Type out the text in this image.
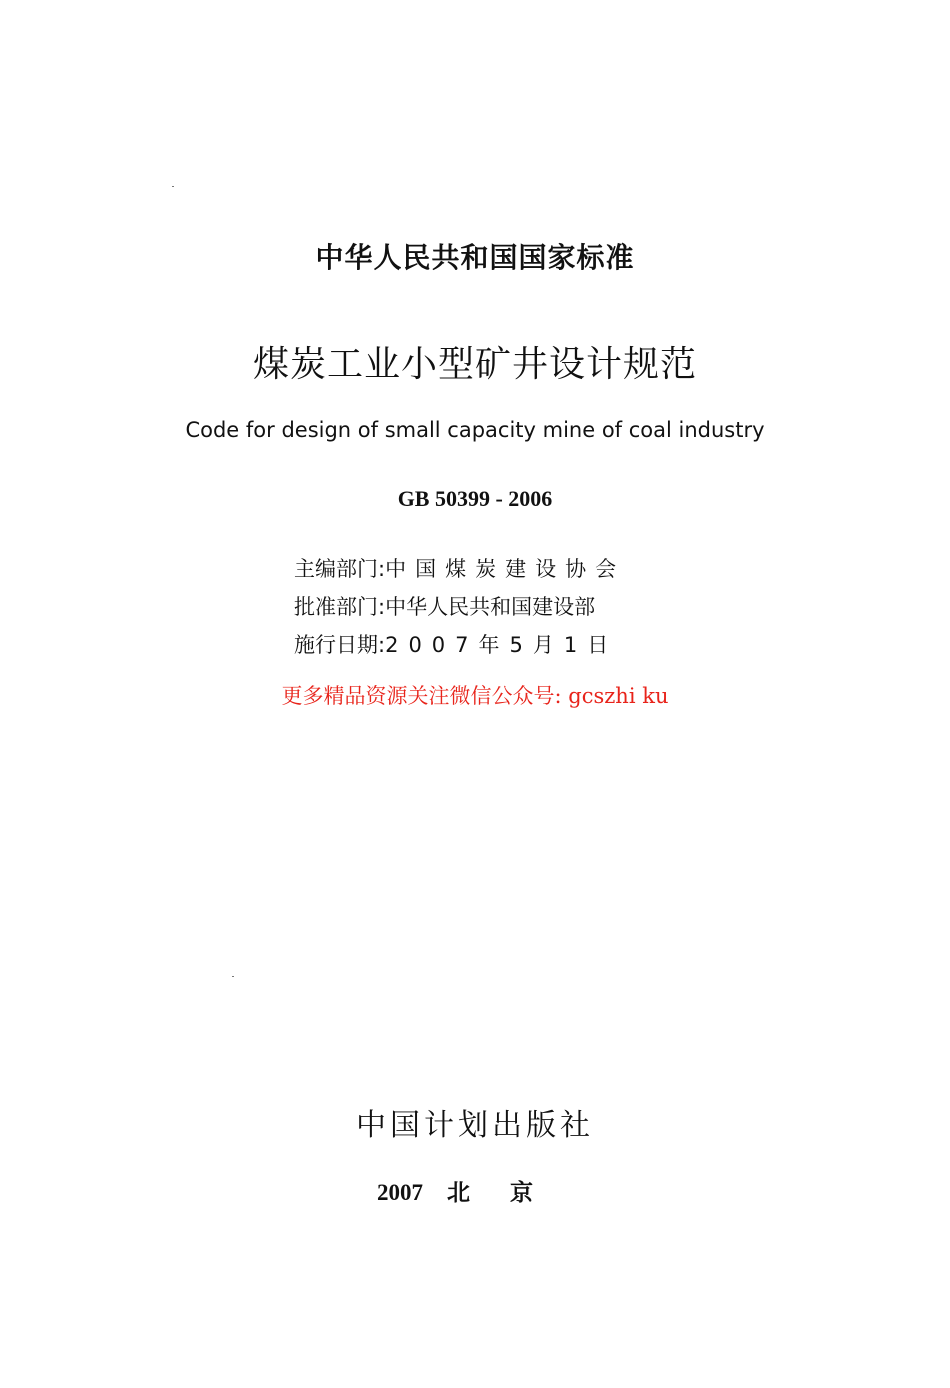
中华人民共和国国家标准
煤炭工业小型矿井设计规范
Code for design of small capacity mine of coal industry
GB 50399 - 2006
主编部门:中国煤炭建设协会
批准部门:中华人民共和国建设部
施行日期:2007年5月1日
更多精品资源关注微信公众号: gcszhi ku
中国计划出版社
2007 北京
